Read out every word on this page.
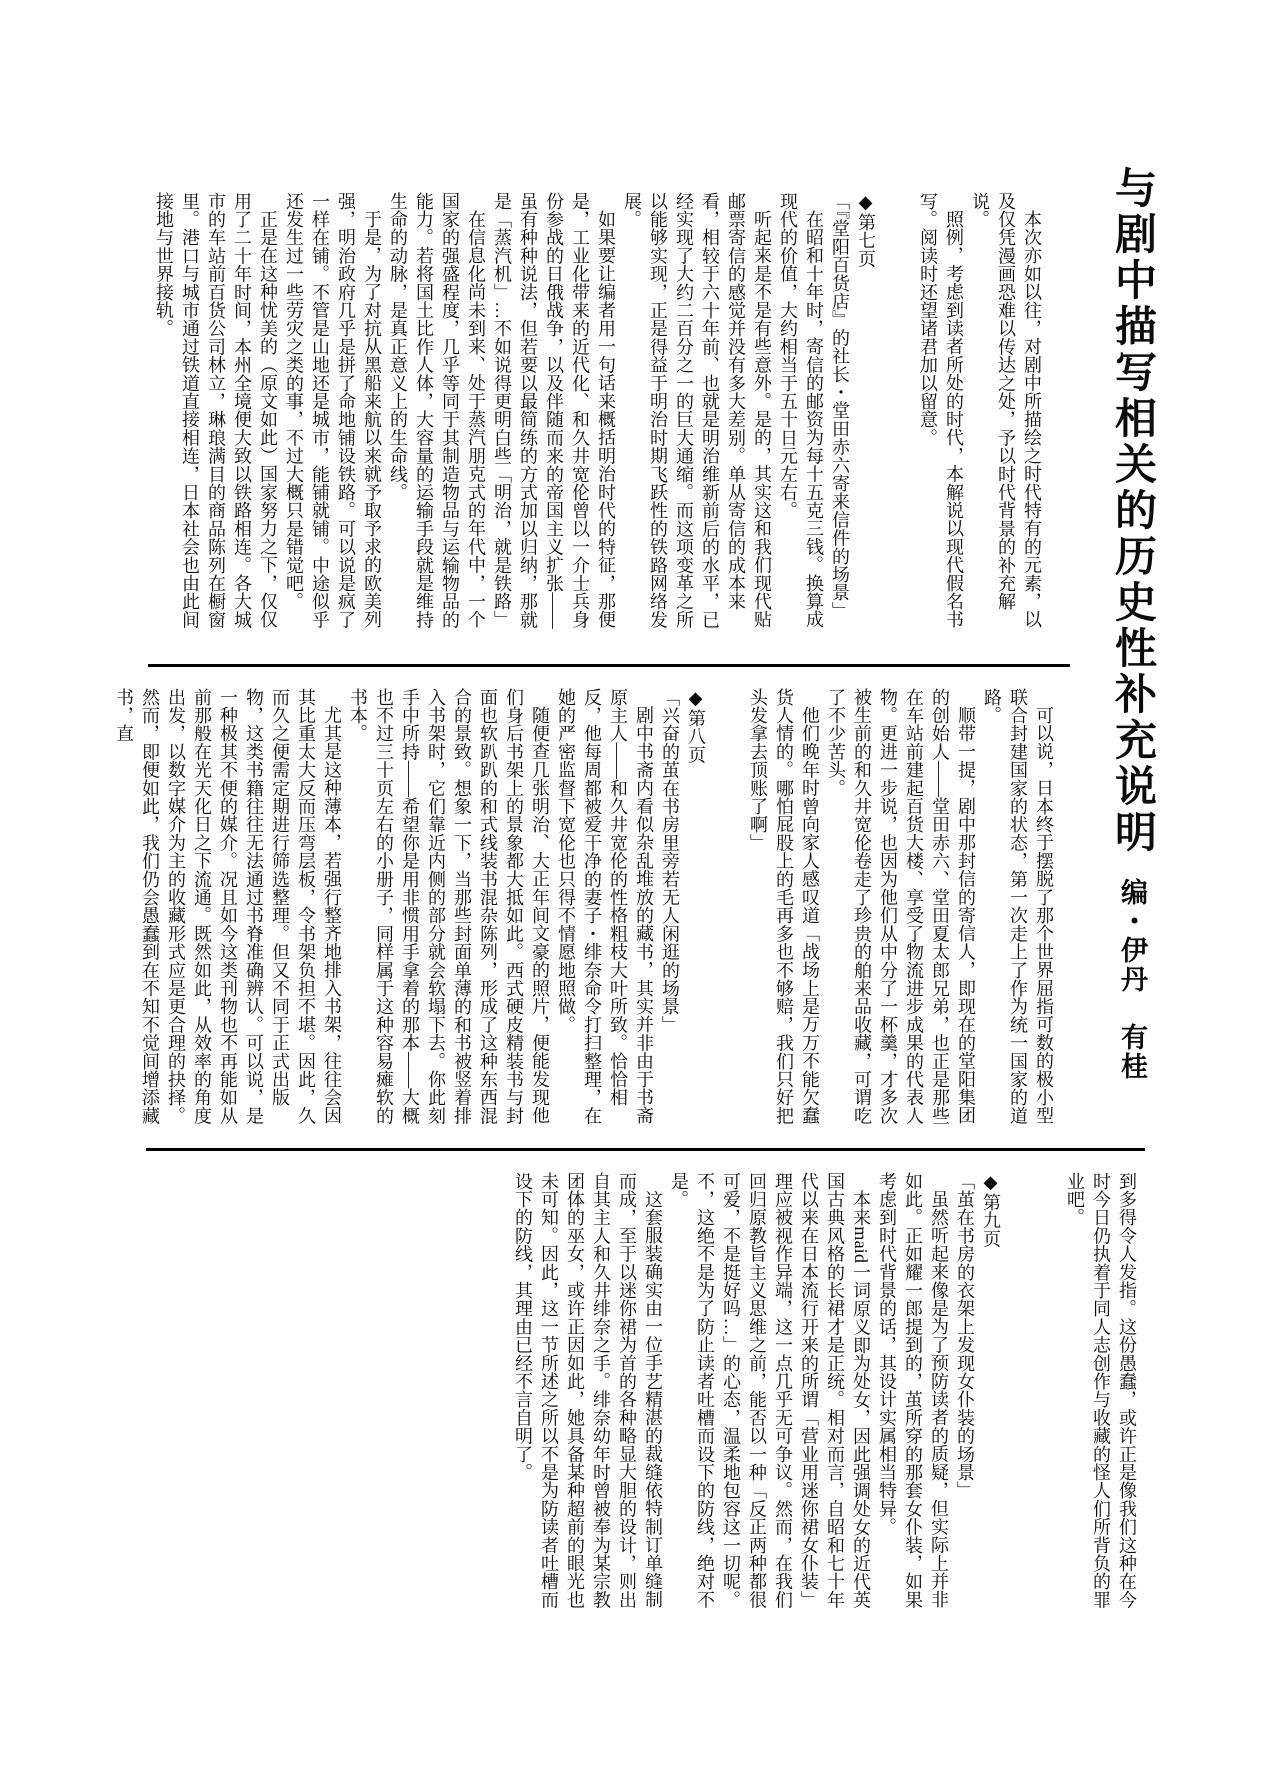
与剧中描写相关的历史性补充说明编・伊丹　有桂

本次亦如以往，对剧中所描绘之时代特有的元素，以及仅凭漫画恐难以传达之处，予以时代背景的补充解说。

照例，考虑到读者所处的时代，本解说以现代假名书写。阅读时还望诸君加以留意。

◆第七页

「『堂阳百货店』的社长・堂田赤六寄来信件的场景」

在昭和十年时，寄信的邮资为每十五克三钱。换算成现代的价值，大约相当于五十日元左右。

听起来是不是有些意外。是的，其实这和我们现代贴邮票寄信的感觉并没有多大差别。单从寄信的成本来看，相较于六十年前、也就是明治维新前后的水平，已经实现了大约二百分之一的巨大通缩。而这项变革之所以能够实现，正是得益于明治时期飞跃性的铁路网络发展。

如果要让编者用一句话来概括明治时代的特征，那便是，工业化带来的近代化、和久井宽伦曾以一介士兵身份参战的日俄战争，以及伴随而来的帝国主义扩张——虽有种种说法，但若要以最简练的方式加以归纳，那就是「蒸汽机」…不如说得更明白些「明治，就是铁路」

在信息化尚未到来、处于蒸汽朋克式的年代中，一个国家的强盛程度，几乎等同于其制造物品与运输物品的能力。若将国土比作人体，大容量的运输手段就是维持生命的动脉，是真正意义上的生命线。

于是，为了对抗从黑船来航以来就予取予求的欧美列强，明治政府几乎是拼了命地铺设铁路。可以说是疯了一样在铺。不管是山地还是城市，能铺就铺。中途似乎还发生过一些劳灾之类的事，不过大概只是错觉吧。

正是在这种忧美的（原文如此）国家努力之下，仅仅用了二十年时间，本州全境便大致以铁路相连。各大城市的车站前百货公司林立，琳琅满目的商品陈列在橱窗里。港口与城市通过铁道直接相连，日本社会也由此间接地与世界接轨。

可以说，日本终于摆脱了那个世界屈指可数的极小型联合封建国家的状态，第一次走上了作为统一国家的道路。

顺带一提，剧中那封信的寄信人，即现在的堂阳集团的创始人——堂田赤六、堂田夏太郎兄弟，也正是那些在车站前建起百货大楼、享受了物流进步成果的代表人物。更进一步说，也因为他们从中分了一杯羹，才多次被生前的和久井宽伦卷走了珍贵的舶来品收藏，可谓吃了不少苦头。

他们晚年时曾向家人感叹道「战场上是万万不能欠蠢货人情的。哪怕屁股上的毛再多也不够赔，我们只好把头发拿去顶账了啊」

◆第八页

「兴奋的茧在书房里旁若无人闲逛的场景」

剧中书斋内看似杂乱堆放的藏书，其实并非由于书斋原主人——和久井宽伦的性格粗枝大叶所致。恰恰相反，他每周都被爱干净的妻子・绯奈命令打扫整理，在她的严密监督下宽伦也只得不情愿地照做。

随便查几张明治、大正年间文豪的照片，便能发现他们身后书架上的景象都大抵如此。西式硬皮精装书与封面也软趴趴的和式线装书混杂陈列，形成了这种东西混合的景致。想象一下，当那些封面单薄的和书被竖着排入书架时，它们靠近内侧的部分就会软塌下去。你此刻手中所持——希望你是用非惯用手拿着的那本——大概也不过三十页左右的小册子，同样属于这种容易瘫软的书本。

尤其是这种薄本，若强行整齐地排入书架，往往会因其比重太大反而压弯层板，令书架负担不堪。因此，久而久之便需定期进行筛选整理。但又不同于正式出版物，这类书籍往往无法通过书脊准确辨认。可以说，是一种极其不便的媒介。况且如今这类刊物也不再能如从前那般在光天化日之下流通。既然如此，从效率的角度出发，以数字媒介为主的收藏形式应是更合理的抉择。然而，即便如此，我们仍会愚蠢到在不知不觉间增添藏书，直

到多得令人发指。这份愚蠢，或许正是像我们这种在今时今日仍执着于同人志创作与收藏的怪人们所背负的罪业吧。

◆第九页

「茧在书房的衣架上发现女仆装的场景」

虽然听起来像是为了预防读者的质疑，但实际上并非如此。正如耀一郎提到的，茧所穿的那套女仆装，如果考虑到时代背景的话，其设计实属相当特异。

本来maid一词原义即为处女，因此强调处女的近代英国古典风格的长裙才是正统。相对而言，自昭和七十年代以来在日本流行开来的所谓「营业用迷你裙女仆装」理应被视作异端，这一点几乎无可争议。然而，在我们回归原教旨主义思维之前，能否以一种「反正两种都很可爱，不是挺好吗…」的心态，温柔地包容这一切呢。不，这绝不是为了防止读者吐槽而设下的防线，绝对不是。

这套服装确实由一位手艺精湛的裁缝依特制订单缝制而成，至于以迷你裙为首的各种略显大胆的设计，则出自其主人和久井绯奈之手。绯奈幼年时曾被奉为某宗教团体的巫女，或许正因如此，她具备某种超前的眼光也未可知。因此，这一节所述之所以不是为防读者吐槽而设下的防线，其理由已经不言自明了。
